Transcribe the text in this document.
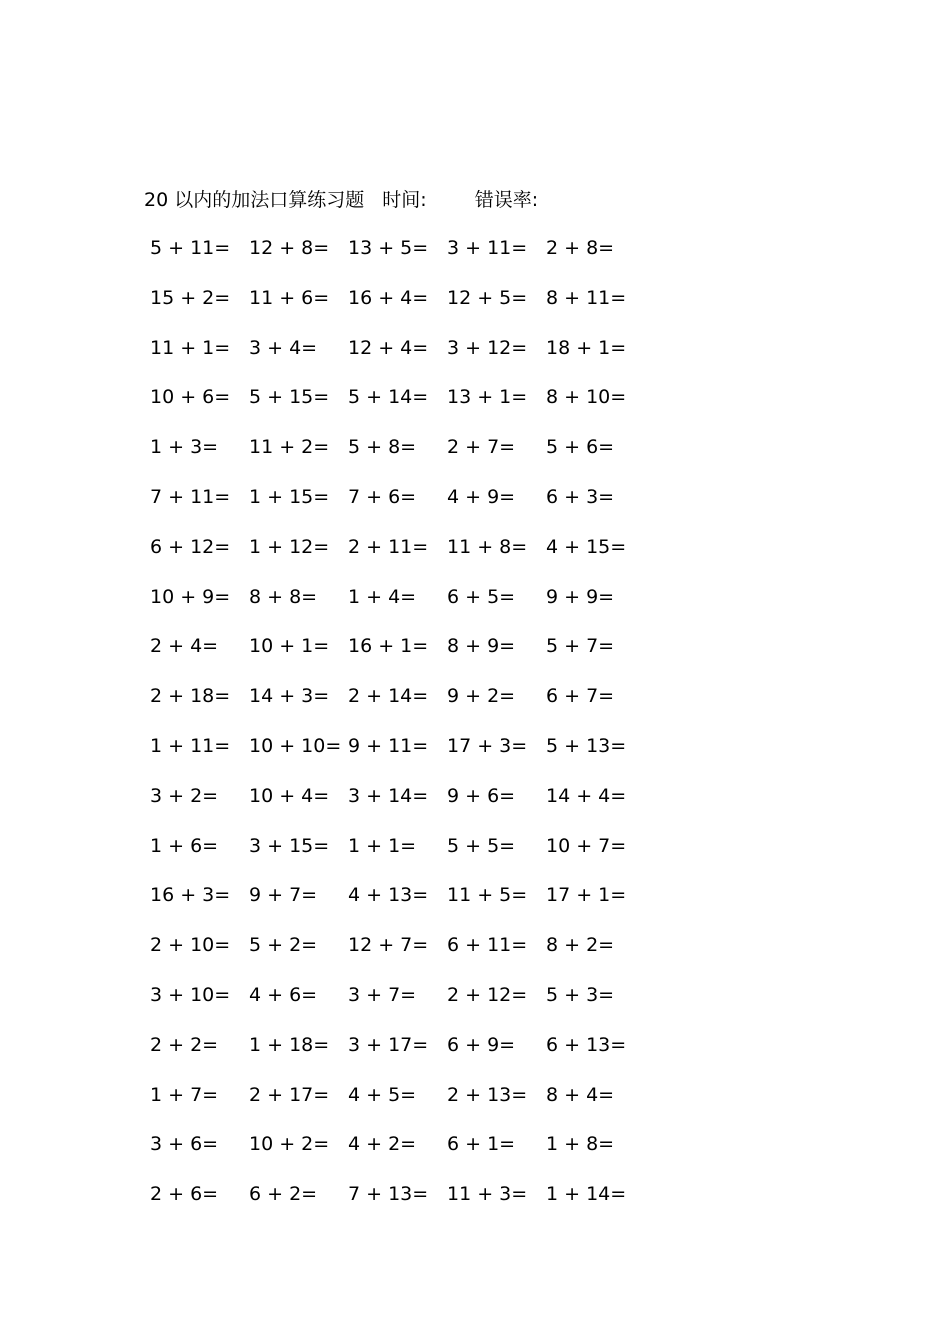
20 以内的加法口算练习题 时间:	错误率:
5 + 11= 12 + 8= 13 + 5= 3 + 11= 2 + 8=
15 + 2= 11 + 6= 16 + 4= 12 + 5= 8 + 11=
11 + 1= 3 + 4= 12 + 4= 3 + 12= 18 + 1=
10 + 6= 5 + 15= 5 + 14= 13 + 1= 8 + 10=
1 + 3= 11 + 2= 5 + 8= 2 + 7= 5 + 6=
7 + 11= 1 + 15= 7 + 6= 4 + 9= 6 + 3=
6 + 12= 1 + 12= 2 + 11= 11 + 8= 4 + 15=
10 + 9= 8 + 8= 1 + 4= 6 + 5= 9 + 9=
2 + 4= 10 + 1= 16 + 1= 8 + 9= 5 + 7=
2 + 18= 14 + 3= 2 + 14= 9 + 2= 6 + 7=
1 + 11= 10 + 10= 9 + 11= 17 + 3= 5 + 13=
3 + 2= 10 + 4= 3 + 14= 9 + 6= 14 + 4=
1 + 6= 3 + 15= 1 + 1= 5 + 5= 10 + 7=
16 + 3= 9 + 7= 4 + 13= 11 + 5= 17 + 1=
2 + 10= 5 + 2= 12 + 7= 6 + 11= 8 + 2=
3 + 10= 4 + 6= 3 + 7= 2 + 12= 5 + 3=
2 + 2= 1 + 18= 3 + 17= 6 + 9= 6 + 13=
1 + 7= 2 + 17= 4 + 5= 2 + 13= 8 + 4=
3 + 6= 10 + 2= 4 + 2= 6 + 1= 1 + 8=
2 + 6= 6 + 2= 7 + 13= 11 + 3= 1 + 14=
